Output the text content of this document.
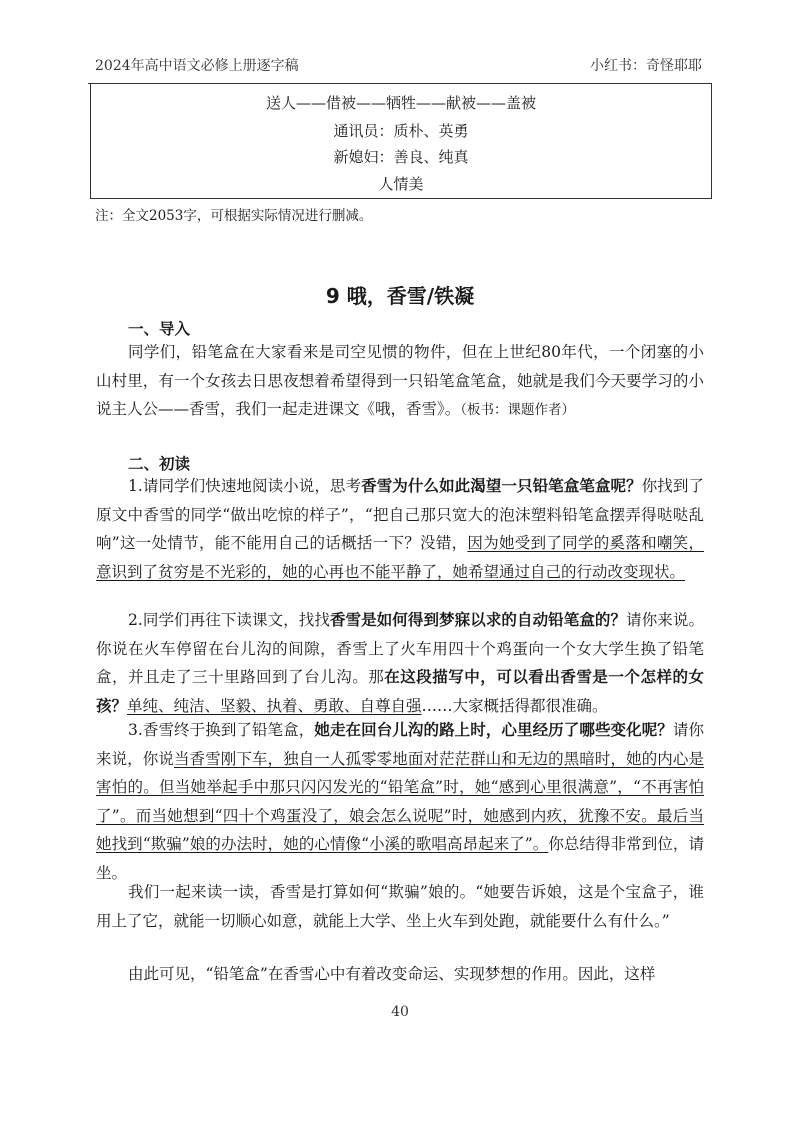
2024年高中语文必修上册逐字稿	小红书：奇怪耶耶
送人——借被——牺牲——献被——盖被
通讯员：质朴、英勇
新媳妇：善良、纯真
人情美
注：全文2053字，可根据实际情况进行删减。
9 哦，香雪/铁凝
一、导入
同学们，铅笔盒在大家看来是司空见惯的物件，但在上世纪80年代，一个闭塞的小山村里，有一个女孩去日思夜想着希望得到一只铅笔盒笔盒，她就是我们今天要学习的小说主人公——香雪，我们一起走进课文《哦，香雪》。（板书：课题作者）
二、初读
1.请同学们快速地阅读小说，思考香雪为什么如此渴望一只铅笔盒笔盒呢？你找到了原文中香雪的同学“做出吃惊的样子”，“把自己那只宽大的泡沫塑料铅笔盒摆弄得哒哒乱响”这一处情节，能不能用自己的话概括一下？没错，因为她受到了同学的奚落和嘲笑，意识到了贫穷是不光彩的，她的心再也不能平静了，她希望通过自己的行动改变现状。
2.同学们再往下读课文，找找香雪是如何得到梦寐以求的自动铅笔盒的？请你来说。你说在火车停留在台儿沟的间隙，香雪上了火车用四十个鸡蛋向一个女大学生换了铅笔盒，并且走了三十里路回到了台儿沟。那在这段描写中，可以看出香雪是一个怎样的女孩？单纯、纯洁、坚毅、执着、勇敢、自尊自强……大家概括得都很准确。
3.香雪终于换到了铅笔盒，她走在回台儿沟的路上时，心里经历了哪些变化呢？请你来说，你说当香雪刚下车，独自一人孤零零地面对茫茫群山和无边的黑暗时，她的内心是害怕的。但当她举起手中那只闪闪发光的“铅笔盒”时，她“感到心里很满意”，“不再害怕了”。而当她想到“四十个鸡蛋没了，娘会怎么说呢”时，她感到内疚，犹豫不安。最后当她找到“欺骗”娘的办法时，她的心情像“小溪的歌唱高昂起来了”。你总结得非常到位，请坐。
我们一起来读一读，香雪是打算如何“欺骗”娘的。“她要告诉娘，这是个宝盒子，谁用上了它，就能一切顺心如意，就能上大学、坐上火车到处跑，就能要什么有什么。”
由此可见，“铅笔盒”在香雪心中有着改变命运、实现梦想的作用。因此，这样
40
